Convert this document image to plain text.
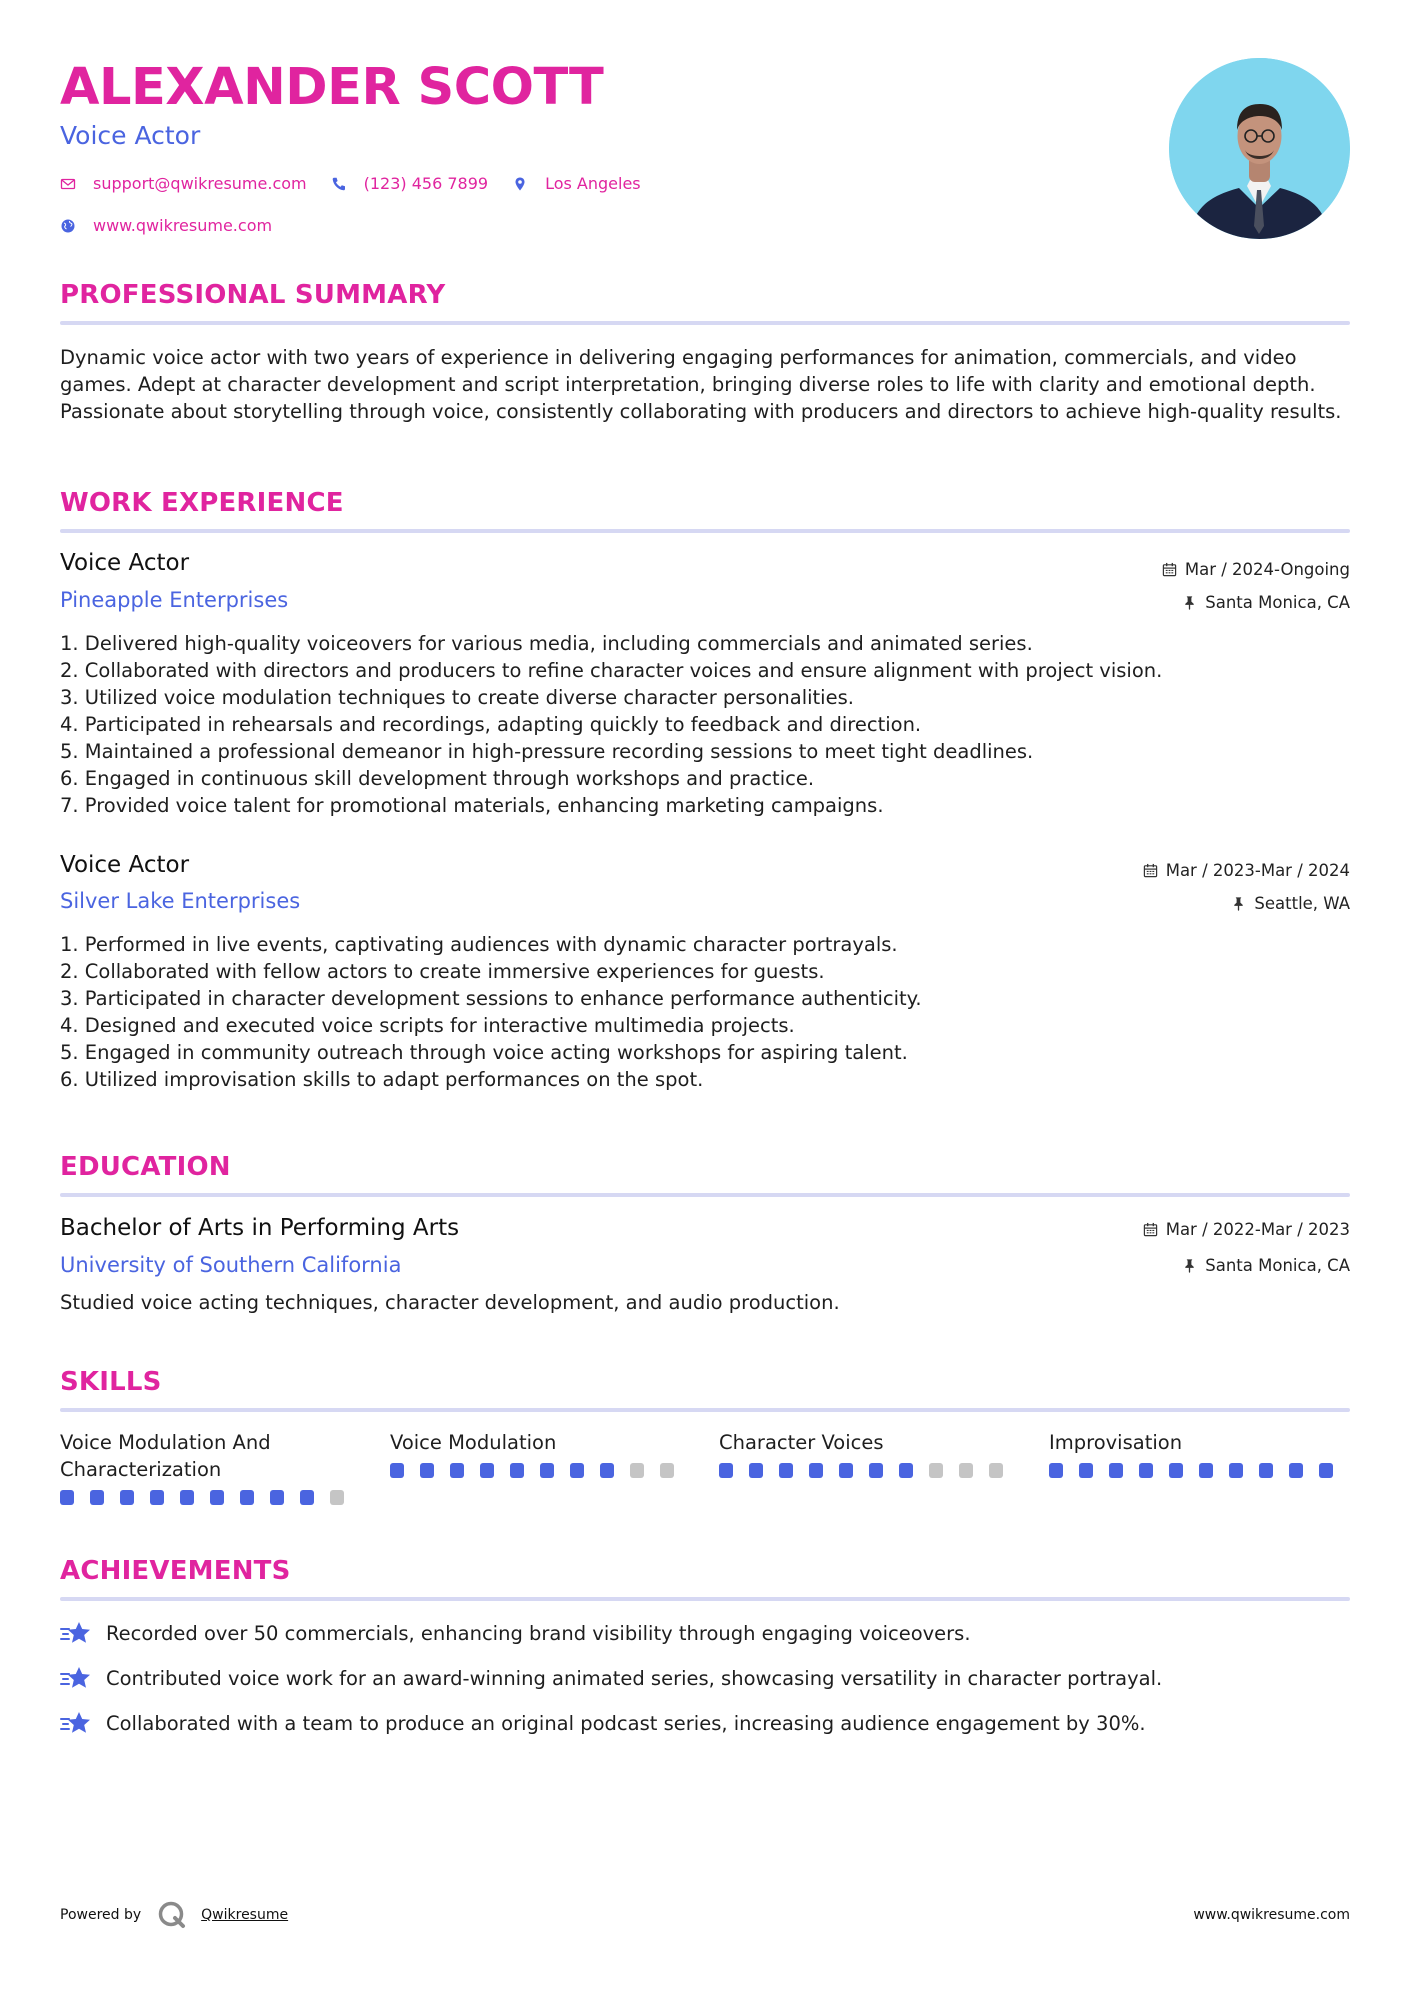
ALEXANDER SCOTT
Voice Actor
support@qwikresume.com	(123) 456 7899	Los Angeles
www.qwikresume.com
PROFESSIONAL SUMMARY
Dynamic voice actor with two years of experience in delivering engaging performances for animation, commercials, and video games. Adept at character development and script interpretation, bringing diverse roles to life with clarity and emotional depth. Passionate about storytelling through voice, consistently collaborating with producers and directors to achieve high-quality results.
WORK EXPERIENCE
Voice Actor
Pineapple Enterprises
Mar / 2024-Ongoing
Santa Monica, CA
1. Delivered high-quality voiceovers for various media, including commercials and animated series.
2. Collaborated with directors and producers to refine character voices and ensure alignment with project vision.
3. Utilized voice modulation techniques to create diverse character personalities.
4. Participated in rehearsals and recordings, adapting quickly to feedback and direction.
5. Maintained a professional demeanor in high-pressure recording sessions to meet tight deadlines.
6. Engaged in continuous skill development through workshops and practice.
7. Provided voice talent for promotional materials, enhancing marketing campaigns.
Voice Actor
Silver Lake Enterprises
Mar / 2023-Mar / 2024
Seattle, WA
1. Performed in live events, captivating audiences with dynamic character portrayals.
2. Collaborated with fellow actors to create immersive experiences for guests.
3. Participated in character development sessions to enhance performance authenticity.
4. Designed and executed voice scripts for interactive multimedia projects.
5. Engaged in community outreach through voice acting workshops for aspiring talent.
6. Utilized improvisation skills to adapt performances on the spot.
EDUCATION
Bachelor of Arts in Performing Arts
University of Southern California
Mar / 2022-Mar / 2023
Santa Monica, CA
Studied voice acting techniques, character development, and audio production.
SKILLS
Voice Modulation And
Characterization
Voice Modulation	Character Voices	Improvisation
ACHIEVEMENTS
Recorded over 50 commercials, enhancing brand visibility through engaging voiceovers.
Contributed voice work for an award-winning animated series, showcasing versatility in character portrayal.
Collaborated with a team to produce an original podcast series, increasing audience engagement by 30%.
Powered by	Qwikresume	www.qwikresume.com
